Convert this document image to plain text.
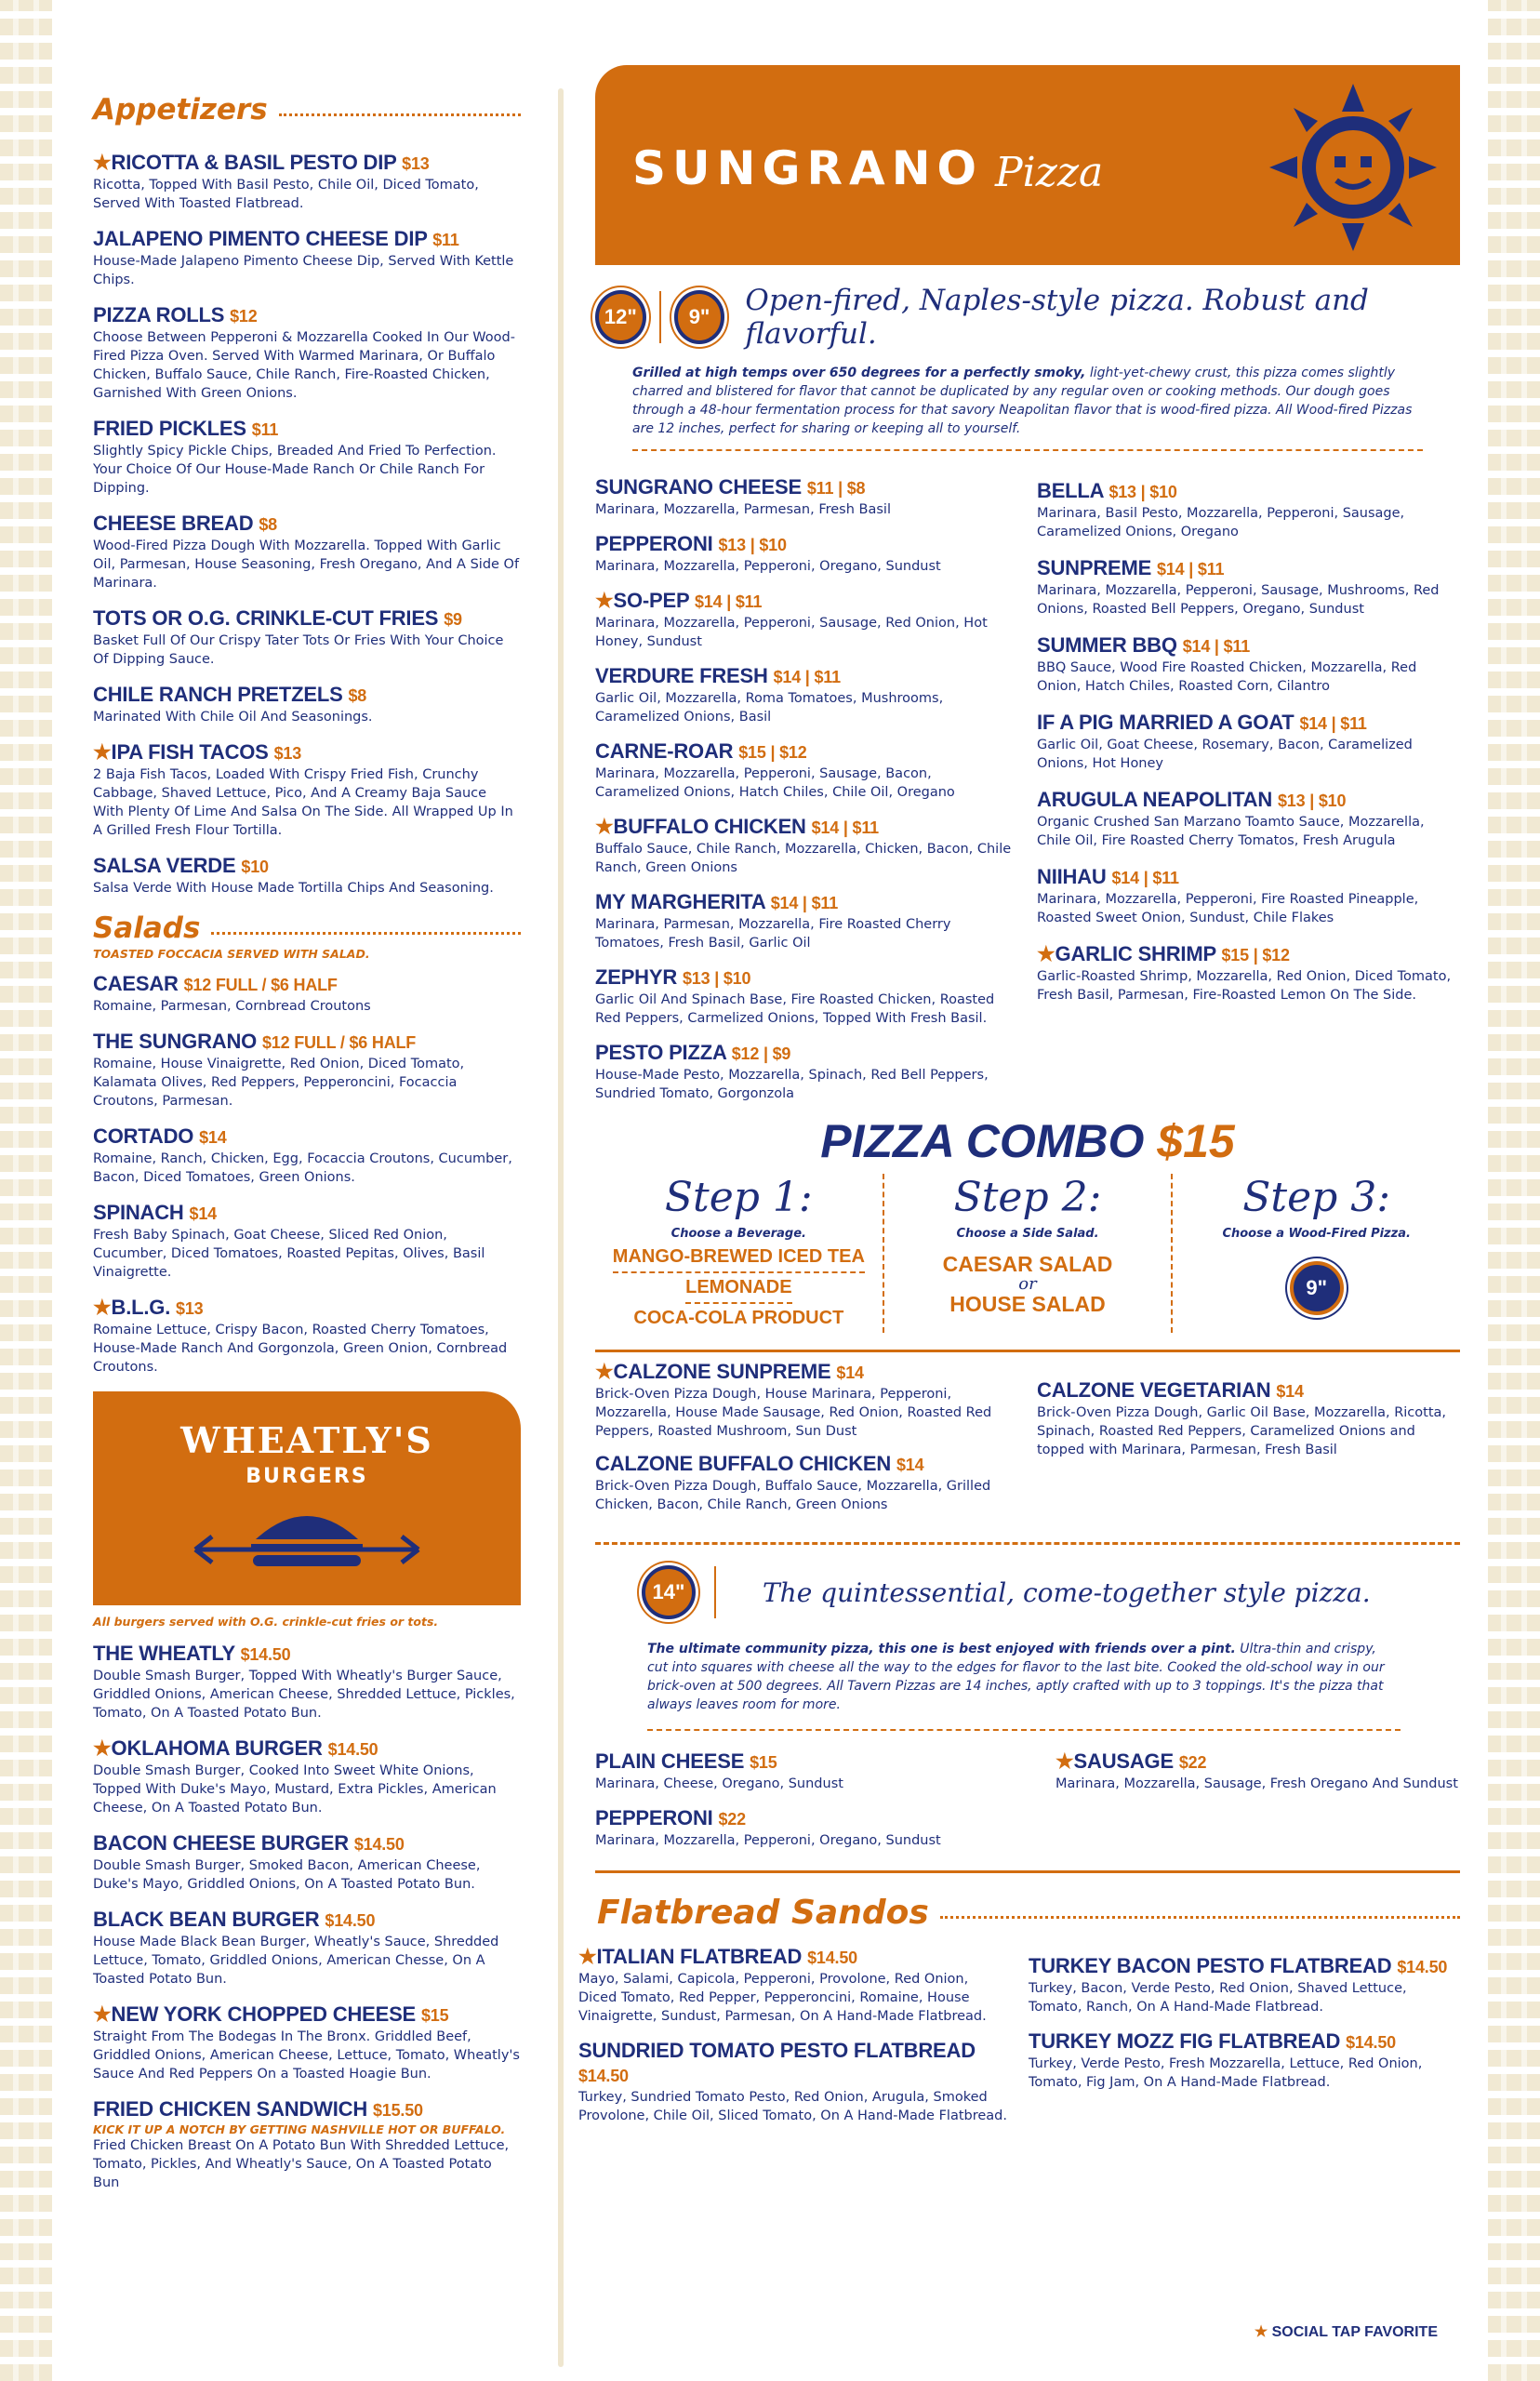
Appetizers
★RICOTTA & BASIL PESTO DIP $13
Ricotta, Topped With Basil Pesto, Chile Oil, Diced Tomato, Served With Toasted Flatbread.
JALAPENO PIMENTO CHEESE DIP $11
House-Made Jalapeno Pimento Cheese Dip, Served With Kettle Chips.
PIZZA ROLLS $12
Choose Between Pepperoni & Mozzarella Cooked In Our Wood-Fired Pizza Oven. Served With Warmed Marinara, Or Buffalo Chicken, Buffalo Sauce, Chile Ranch, Fire-Roasted Chicken, Garnished With Green Onions.
FRIED PICKLES $11
Slightly Spicy Pickle Chips, Breaded And Fried To Perfection. Your Choice Of Our House-Made Ranch Or Chile Ranch For Dipping.
CHEESE BREAD $8
Wood-Fired Pizza Dough With Mozzarella. Topped With Garlic Oil, Parmesan, House Seasoning, Fresh Oregano, And A Side Of Marinara.
TOTS OR O.G. CRINKLE-CUT FRIES $9
Basket Full Of Our Crispy Tater Tots Or Fries With Your Choice Of Dipping Sauce.
CHILE RANCH PRETZELS $8
Marinated With Chile Oil And Seasonings.
★IPA FISH TACOS $13
2 Baja Fish Tacos, Loaded With Crispy Fried Fish, Crunchy Cabbage, Shaved Lettuce, Pico, And A Creamy Baja Sauce With Plenty Of Lime And Salsa On The Side. All Wrapped Up In A Grilled Fresh Flour Tortilla.
SALSA VERDE $10
Salsa Verde With House Made Tortilla Chips And Seasoning.
Salads
TOASTED FOCCACIA SERVED WITH SALAD.
CAESAR $12 FULL / $6 HALF
Romaine, Parmesan, Cornbread Croutons
THE SUNGRANO $12 FULL / $6 HALF
Romaine, House Vinaigrette, Red Onion, Diced Tomato, Kalamata Olives, Red Peppers, Pepperoncini, Focaccia Croutons, Parmesan.
CORTADO $14
Romaine, Ranch, Chicken, Egg, Focaccia Croutons, Cucumber, Bacon, Diced Tomatoes, Green Onions.
SPINACH $14
Fresh Baby Spinach, Goat Cheese, Sliced Red Onion, Cucumber, Diced Tomatoes, Roasted Pepitas, Olives, Basil Vinaigrette.
★B.L.G. $13
Romaine Lettuce, Crispy Bacon, Roasted Cherry Tomatoes, House-Made Ranch And Gorgonzola, Green Onion, Cornbread Croutons.
WHEATLY'S
BURGERS
All burgers served with O.G. crinkle-cut fries or tots.
THE WHEATLY $14.50
Double Smash Burger, Topped With Wheatly's Burger Sauce, Griddled Onions, American Cheese, Shredded Lettuce, Pickles, Tomato, On A Toasted Potato Bun.
★OKLAHOMA BURGER $14.50
Double Smash Burger, Cooked Into Sweet White Onions, Topped With Duke's Mayo, Mustard, Extra Pickles, American Cheese, On A Toasted Potato Bun.
BACON CHEESE BURGER $14.50
Double Smash Burger, Smoked Bacon, American Cheese, Duke's Mayo, Griddled Onions, On A Toasted Potato Bun.
BLACK BEAN BURGER $14.50
House Made Black Bean Burger, Wheatly's Sauce, Shredded Lettuce, Tomato, Griddled Onions, American Chesse, On A Toasted Potato Bun.
★NEW YORK CHOPPED CHEESE $15
Straight From The Bodegas In The Bronx. Griddled Beef, Griddled Onions, American Cheese, Lettuce, Tomato, Wheatly's Sauce And Red Peppers On a Toasted Hoagie Bun.
FRIED CHICKEN SANDWICH $15.50
KICK IT UP A NOTCH BY GETTING NASHVILLE HOT OR BUFFALO.
Fried Chicken Breast On A Potato Bun With Shredded Lettuce, Tomato, Pickles, And Wheatly's Sauce, On A Toasted Potato Bun
SUNGRANO Pizza
12"	9"	Open-fired, Naples-style pizza. Robust and flavorful.
Grilled at high temps over 650 degrees for a perfectly smoky, light-yet-chewy crust, this pizza comes slightly charred and blistered for flavor that cannot be duplicated by any regular oven or cooking methods. Our dough goes through a 48-hour fermentation process for that savory Neapolitan flavor that is wood-fired pizza. All Wood-fired Pizzas are 12 inches, perfect for sharing or keeping all to yourself.
SUNGRANO CHEESE $11 | $8
Marinara, Mozzarella, Parmesan, Fresh Basil
PEPPERONI $13 | $10
Marinara, Mozzarella, Pepperoni, Oregano, Sundust
★SO-PEP $14 | $11
Marinara, Mozzarella, Pepperoni, Sausage, Red Onion, Hot Honey, Sundust
VERDURE FRESH $14 | $11
Garlic Oil, Mozzarella, Roma Tomatoes, Mushrooms, Caramelized Onions, Basil
CARNE-ROAR $15 | $12
Marinara, Mozzarella, Pepperoni, Sausage, Bacon, Caramelized Onions, Hatch Chiles, Chile Oil, Oregano
★BUFFALO CHICKEN $14 | $11
Buffalo Sauce, Chile Ranch, Mozzarella, Chicken, Bacon, Chile Ranch, Green Onions
MY MARGHERITA $14 | $11
Marinara, Parmesan, Mozzarella, Fire Roasted Cherry Tomatoes, Fresh Basil, Garlic Oil
ZEPHYR $13 | $10
Garlic Oil And Spinach Base, Fire Roasted Chicken, Roasted Red Peppers, Carmelized Onions, Topped With Fresh Basil.
PESTO PIZZA $12 | $9
House-Made Pesto, Mozzarella, Spinach, Red Bell Peppers, Sundried Tomato, Gorgonzola
BELLA $13 | $10
Marinara, Basil Pesto, Mozzarella, Pepperoni, Sausage, Caramelized Onions, Oregano
SUNPREME $14 | $11
Marinara, Mozzarella, Pepperoni, Sausage, Mushrooms, Red Onions, Roasted Bell Peppers, Oregano, Sundust
SUMMER BBQ $14 | $11
BBQ Sauce, Wood Fire Roasted Chicken, Mozzarella, Red Onion, Hatch Chiles, Roasted Corn, Cilantro
IF A PIG MARRIED A GOAT $14 | $11
Garlic Oil, Goat Cheese, Rosemary, Bacon, Caramelized Onions, Hot Honey
ARUGULA NEAPOLITAN $13 | $10
Organic Crushed San Marzano Toamto Sauce, Mozzarella, Chile Oil, Fire Roasted Cherry Tomatos, Fresh Arugula
NIIHAU $14 | $11
Marinara, Mozzarella, Pepperoni, Fire Roasted Pineapple, Roasted Sweet Onion, Sundust, Chile Flakes
★GARLIC SHRIMP $15 | $12
Garlic-Roasted Shrimp, Mozzarella, Red Onion, Diced Tomato, Fresh Basil, Parmesan, Fire-Roasted Lemon On The Side.
PIZZA COMBO $15
Step 1:
Choose a Beverage.
MANGO-BREWED ICED TEA
LEMONADE
COCA-COLA PRODUCT
Step 2:
Choose a Side Salad.
CAESAR SALAD
or
HOUSE SALAD
Step 3:
Choose a Wood-Fired Pizza.
9"
★CALZONE SUNPREME $14
Brick-Oven Pizza Dough, House Marinara, Pepperoni, Mozzarella, House Made Sausage, Red Onion, Roasted Red Peppers, Roasted Mushroom, Sun Dust
CALZONE BUFFALO CHICKEN $14
Brick-Oven Pizza Dough, Buffalo Sauce, Mozzarella, Grilled Chicken, Bacon, Chile Ranch, Green Onions
CALZONE VEGETARIAN $14
Brick-Oven Pizza Dough, Garlic Oil Base, Mozzarella, Ricotta, Spinach, Roasted Red Peppers, Caramelized Onions and topped with Marinara, Parmesan, Fresh Basil
14"	The quintessential, come-together style pizza.
The ultimate community pizza, this one is best enjoyed with friends over a pint. Ultra-thin and crispy, cut into squares with cheese all the way to the edges for flavor to the last bite. Cooked the old-school way in our brick-oven at 500 degrees. All Tavern Pizzas are 14 inches, aptly crafted with up to 3 toppings. It's the pizza that always leaves room for more.
PLAIN CHEESE $15
Marinara, Cheese, Oregano, Sundust
PEPPERONI $22
Marinara, Mozzarella, Pepperoni, Oregano, Sundust
★SAUSAGE $22
Marinara, Mozzarella, Sausage, Fresh Oregano And Sundust
Flatbread Sandos
★ITALIAN FLATBREAD $14.50
Mayo, Salami, Capicola, Pepperoni, Provolone, Red Onion, Diced Tomato, Red Pepper, Pepperoncini, Romaine, House Vinaigrette, Sundust, Parmesan, On A Hand-Made Flatbread.
SUNDRIED TOMATO PESTO FLATBREAD $14.50
Turkey, Sundried Tomato Pesto, Red Onion, Arugula, Smoked Provolone, Chile Oil, Sliced Tomato, On A Hand-Made Flatbread.
TURKEY BACON PESTO FLATBREAD $14.50
Turkey, Bacon, Verde Pesto, Red Onion, Shaved Lettuce, Tomato, Ranch, On A Hand-Made Flatbread.
TURKEY MOZZ FIG FLATBREAD $14.50
Turkey, Verde Pesto, Fresh Mozzarella, Lettuce, Red Onion, Tomato, Fig Jam, On A Hand-Made Flatbread.
★ SOCIAL TAP FAVORITE
